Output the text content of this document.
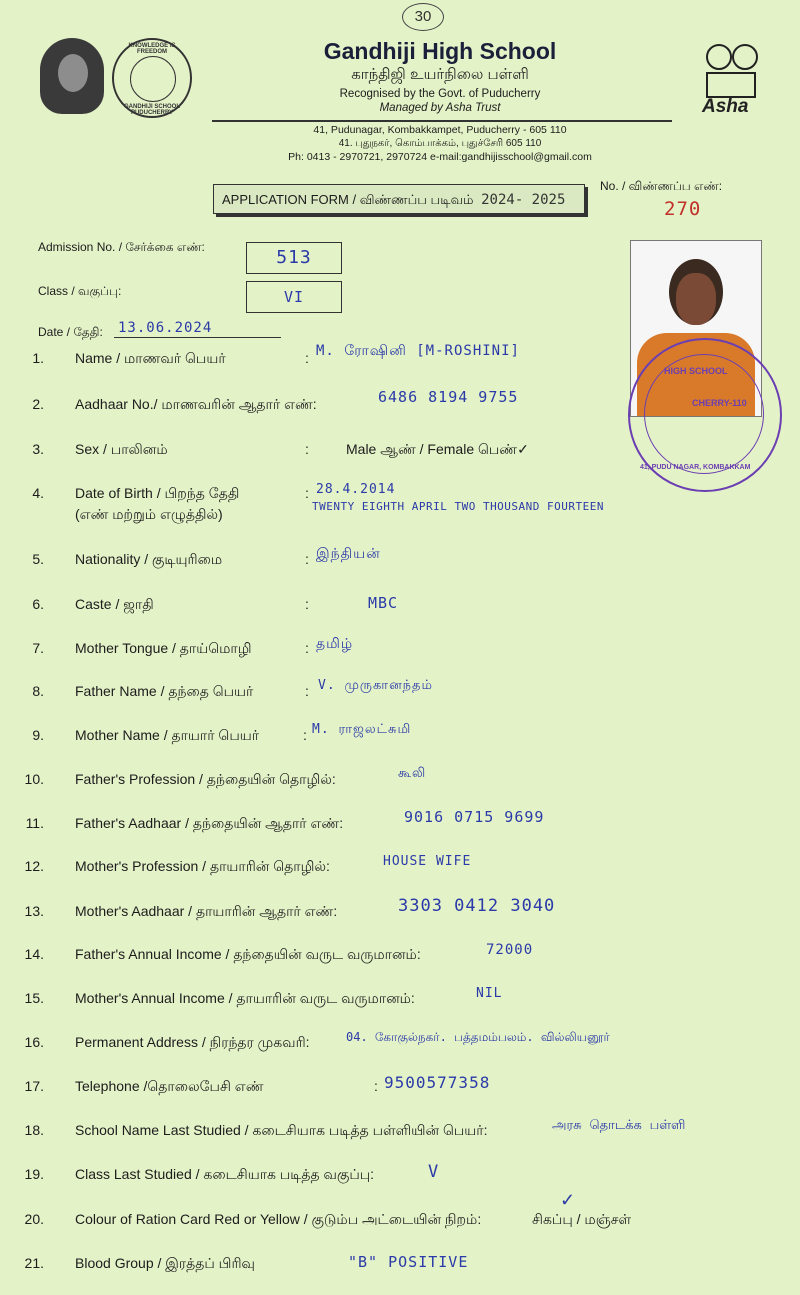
30
KNOWLEDGE IS FREEDOM
GANDHIJI SCHOOL PUDUCHERRY
Gandhiji High School
காந்திஜி உயர்நிலை பள்ளி
Recognised by the Govt. of Puducherry
Managed by Asha Trust
41, Pudunagar, Kombakkampet, Puducherry - 605 110
41. புதுநகர், கொம்பாக்கம், புதுச்சேரி 605 110
Ph: 0413 - 2970721, 2970724 e-mail:gandhijisschool@gmail.com
Asha
APPLICATION FORM / விண்ணப்ப படிவம் 2024- 2025
No. / விண்ணப்ப எண்:
270
Admission No. / சேர்க்கை எண்:	513
Class / வகுப்பு:	VI
Date / தேதி: 13.06.2024
HIGH SCHOOL
CHERRY-110
41, PUDU NAGAR, KOMBAKKAM
1. Name / மாணவர் பெயர்	: M. ரோஷினி [M-ROSHINI]
2. Aadhaar No./ மாணவரின் ஆதார் எண்:	6486 8194 9755
3. Sex / பாலினம்	:	Male ஆண் / Female பெண்✓
4. Date of Birth / பிறந்த தேதி	: 28.4.2014
(எண் மற்றும் எழுத்தில்)	TWENTY EIGHTH APRIL TWO THOUSAND FOURTEEN
5. Nationality / குடியுரிமை	: இந்தியன்
6. Caste / ஜாதி	:	MBC
7. Mother Tongue / தாய்மொழி	: தமிழ்
8. Father Name / தந்தை பெயர்	: V. முருகானந்தம்
9. Mother Name / தாயார் பெயர்	: M. ராஜலட்சுமி
10. Father's Profession / தந்தையின் தொழில்:	கூலி
11. Father's Aadhaar / தந்தையின் ஆதார் எண்:	9016 0715 9699
12. Mother's Profession / தாயாரின் தொழில்:	HOUSE WIFE
13. Mother's Aadhaar / தாயாரின் ஆதார் எண்:	3303 0412 3040
14. Father's Annual Income / தந்தையின் வருட வருமானம்:	72000
15. Mother's Annual Income / தாயாரின் வருட வருமானம்:	NIL
16. Permanent Address / நிரந்தர முகவரி:	04. கோகுல்நகர். பத்தமம்பலம். வில்லியனூர்
17. Telephone /தொலைபேசி எண்	: 9500577358
18. School Name Last Studied / கடைசியாக படித்த பள்ளியின் பெயர்:	அரசு தொடக்க பள்ளி
19. Class Last Studied / கடைசியாக படித்த வகுப்பு:	V
20. Colour of Ration Card Red or Yellow / குடும்ப அட்டையின் நிறம்:	சிகப்பு / மஞ்சள்
✓
21. Blood Group / இரத்தப் பிரிவு	"B" POSITIVE
